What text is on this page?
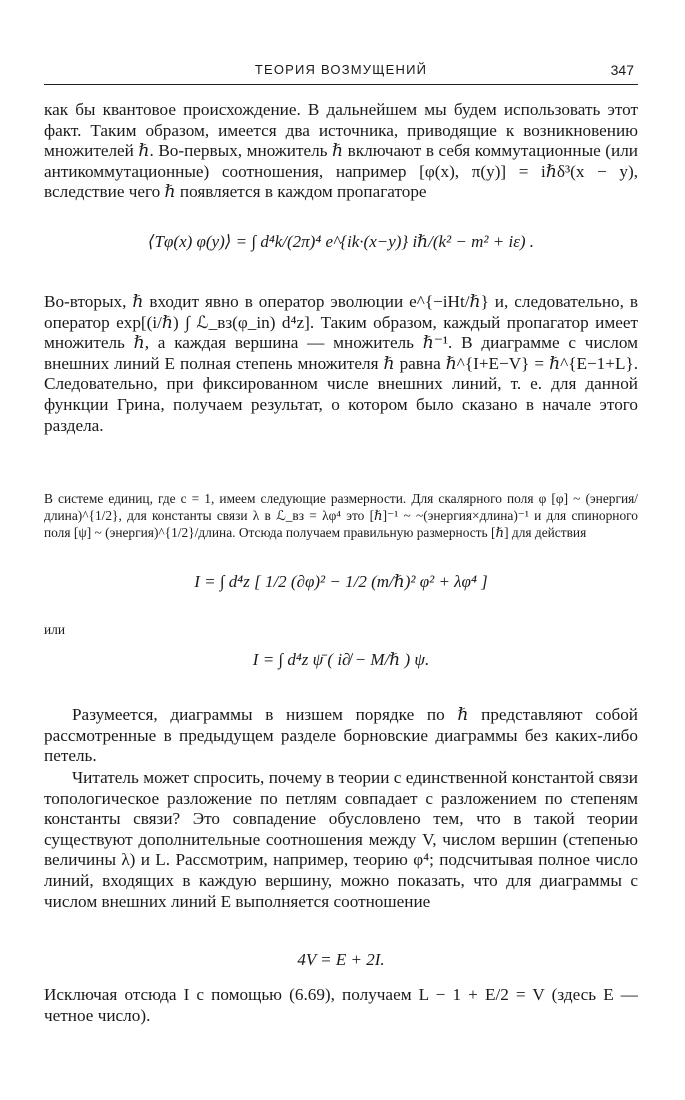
ТЕОРИЯ ВОЗМУЩЕНИЙ	347

как бы квантовое происхождение. В дальнейшем мы будем использовать этот факт. Таким образом, имеется два источника, приводящие к возникновению множителей ℏ. Во-первых, множитель ℏ включают в себя коммутационные (или антикоммутационные) соотношения, например [φ(x), π(y)] = iℏδ³(x − y), вследствие чего ℏ появляется в каждом пропагаторе

⟨Tφ(x) φ(y)⟩ = ∫ d⁴k/(2π)⁴ e^{ik·(x−y)} iℏ/(k² − m² + iε) .

Во-вторых, ℏ входит явно в оператор эволюции e^{−iHt/ℏ} и, следовательно, в оператор exp[(i/ℏ) ∫ ℒ_вз(φ_in) d⁴z]. Таким образом, каждый пропагатор имеет множитель ℏ, а каждая вершина — множитель ℏ⁻¹. В диаграмме с числом внешних линий E полная степень множителя ℏ равна ℏ^{I+E−V} = ℏ^{E−1+L}. Следовательно, при фиксированном числе внешних линий, т. е. для данной функции Грина, получаем результат, о котором было сказано в начале этого раздела.

В системе единиц, где c = 1, имеем следующие размерности. Для скалярного поля φ [φ] ~ (энергия/длина)^{1/2}, для константы связи λ в ℒ_вз = λφ⁴ это [ℏ]⁻¹ ~ ~(энергия×длина)⁻¹ и для спинорного поля [ψ] ~ (энергия)^{1/2}/длина. Отсюда получаем правильную размерность [ℏ] для действия

I = ∫ d⁴z [ 1/2 (∂φ)² − 1/2 (m/ℏ)² φ² + λφ⁴ ]
или
I = ∫ d⁴z ψ̄ ( i∂̸ − M/ℏ ) ψ.

Разумеется, диаграммы в низшем порядке по ℏ представляют собой рассмотренные в предыдущем разделе борновские диаграммы без каких-либо петель.

Читатель может спросить, почему в теории с единственной константой связи топологическое разложение по петлям совпадает с разложением по степеням константы связи? Это совпадение обусловлено тем, что в такой теории существуют дополнительные соотношения между V, числом вершин (степенью величины λ) и L. Рассмотрим, например, теорию φ⁴; подсчитывая полное число линий, входящих в каждую вершину, можно показать, что для диаграммы с числом внешних линий E выполняется соотношение

4V = E + 2I.

Исключая отсюда I с помощью (6.69), получаем L − 1 + E/2 = V (здесь E — четное число).
